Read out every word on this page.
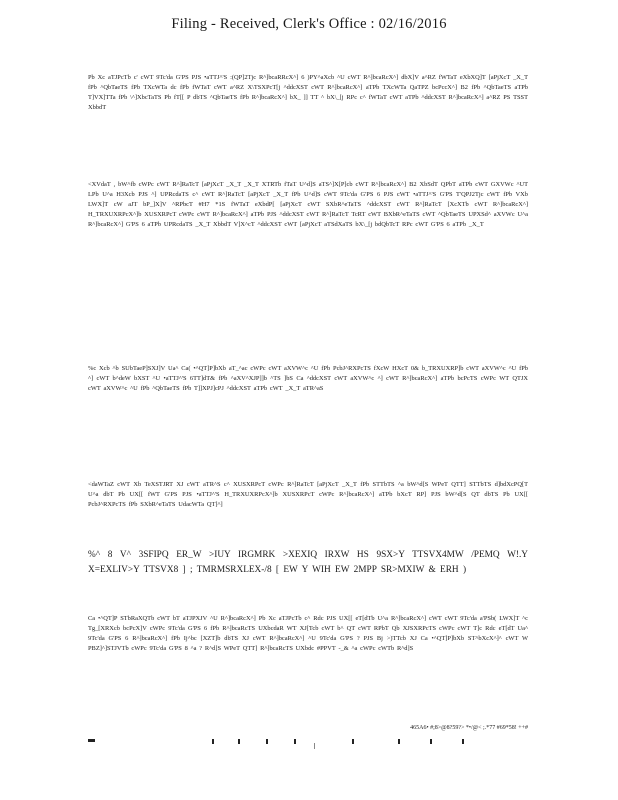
Filing - Received, Clerk's Office : 02/16/2016
Pb Xc aTJPcTb c' cWT 9Tc'da G'PS PJS •aTTJ^'S :(QP]2Tjc R^]bcaRRcX^] 6 )PY^aXcb ^U cWT R^]bcaRcX^] dbX]V a^RZ fWTaT eXbXQ]T [aPjXcT _X_T fPb ^QbTaeTS fPb TXcWTa dc fPb fWTaT cWT a^RZ X\TSXPcT[j ^ddcXST cWT R^]bcaRcX^] aTPb TXcWTa QaTPZ bcPccX^] B2 fPb ^QbTaeTS aTPb T]VX]TTa fPb \^]XbcTaTS Pb fT[[ P dbTS ^QbTaeTS fPb R^]bcaRcX^] bX_ ]] TT ^ bX\_[j RPc c^ fWTaT cWT aTPb ^ddcXST R^]bcaRcX^] a^RZ PS TSST XbbdT
<XVdaT , bW^fb cWPc cWT R^]RaTcT [aPjXcT _X_T _X_T XTRTb fTaT U^d]S aTS^]X[P]cb cWT R^]bcaRcX^] B2 XbSdT QPbT aTPb cWT GXVWc ^UT LPb U^a H3Xcb PJS ^] UPRcdaTS c^ cWT R^]RaTcT [aPjXcT _X_T fPb U^d]S cWT 9Tc'da G'PS 6 PJS cWT •aTTJ^'S G'PS T'QPJ2Tjc cWT fPb VXb LWX]T cW aJT bP_]X]V ^RPbcT #H7 *1S fWTaT eXbdP[ [aPjXcT cWT SXbR^eTaTS ^ddcXST cWT R^]RaTcT [XcXTb cWT R^]bcaRcX^] H_TRXUXRPcX^]b XUSXRPcT cWPc cWT R^]bcaRcX^] aTPb PJS ^ddcXST cWT R^]RaTcT TcRT cWT BXbR^eTaTS cWT ^QbTaeTS UPXSd^ aXVWc U^a R^]bcaRcX^] G'PS 6 aTPb UPRcdaTS _X_T XbbdT V]X^cT ^ddcXST cWT [aPjXcT aTSdXaTS bX\_[j bdQbTcT RPc cWT G'PS 6 aTPb _X_T
%c Xcb ^b SUbTaeP]SXJ]V Ua^ Ca( •^QT]P]bXb aT_^ac cWPc cWT aXVW^c ^U fPb PcbJ^RXPcTS fXcW HXcT 0& b_TRXUXRP]b cWT aXVW^c ^U fPb ^] cWT b^deW bXST ^U •aTTJ^'S 6TT]dT& fPb ^aXV^XJP]]b ^TS ]bS Ca ^ddcXST cWT aXVW^c ^] cWT R^]bcaRcX^] aTPb bcPcTS cWPc WT QTJX cWT aXVW^c ^U fPb ^QbTaeTS fPb T]]XPJ]cPJ ^ddcXST aTPb cWT _X_T aTR^aS
<daWTaZ cWT Xb TeXSTJRT XJ cWT aTR^S c^ XUSXRPcT cWPc R^]RaTcT [aPjXcT _X_T fPb STTbTS ^a bW^d[S WPeT QTT] STTbTS d]bdXcPQ[T U^a dbT Pb UX[[ fWT G'PS PJS •aTTJ^'S H_TRXUXRPcX^]b XUSXRPcT cWPc R^]bcaRcX^] aTPb bXcT RP] PJS bW^d[S QT dbTS Pb UX[[ PcbJ^RXPcTS fPb SXbR^eTaTS UdacWTa QT]^]
%^ 8 V^ 3SFIPQ ER_W >IUY IRGMRK >XEXIQ IRXW HS 9SX>Y TTSVX4MW /PEMQ W!.Y X=EXLIV>Y TTSVX8 ] ; TMRMSRXLEX-/8 [ EW Y WIH EW 2MPP SR>MXIW & ERH )
Ca •^QT]P STbRaXQTb cWT bT aTJPXJV ^U R^]bcaRcX^] Pb Xc aTJPcTb c^ Rdc PJS UX[[ eT[dTb U^a R^]bcaRcX^] cWT cWT 9Tc'da a'PSb( LWX]T ^c Tg_[XRXcb bcPcX]V cWPc 9Tc'da G'PS 6 fPb R^]bcaRcTS UXbcdaR WT XJ[Tcb cWT b^ QT cWT RPbT Qb XJSXRPcTS cWPc cWT T]c Rdc eT[dT Ua^ 9Tc'da G'PS 6 R^]bcaRcX^] fPb Ij^bc [XZT]b dbTS XJ cWT R^]bcaRcX^] ^U 9Tc'da G'PS ? PJS Bj >)TTcb XJ Ca •^QT]P]bXb ST^bXcX^]^ cWT W PBZ]^]STJVTb cWPc 9Tc'da G'PS 8 ^a ? R^d]S WPeT QTT] R^]bcaRcTS UXbdc #PPVT -_& ^a cWPc cWTb R^d]S
465A6• #;8>@8?59?> *•/@< ;.*77 #69*58! ++#
